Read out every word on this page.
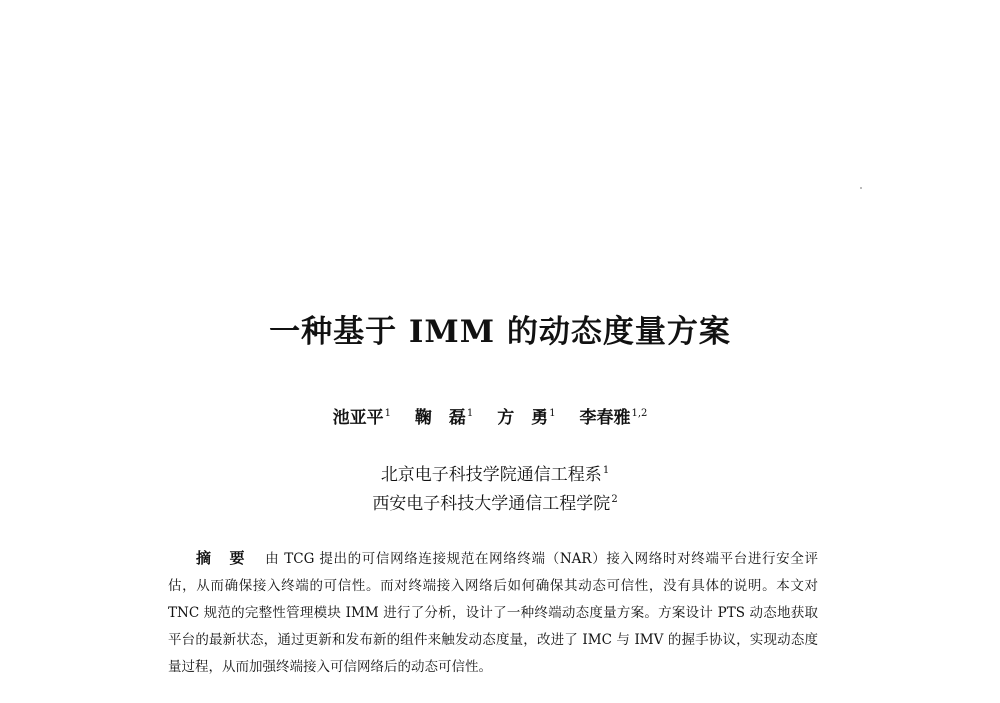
一种基于 IMM 的动态度量方案
池亚平$^1$ 鞠　磊$^1$ 方　勇$^1$ 李春雅$^{1,2}$
北京电子科技学院通信工程系$^1$
西安电子科技大学通信工程学院$^2$
摘 要 由 TCG 提出的可信网络连接规范在网络终端（NAR）接入网络时对终端平台进行安全评估，从而确保接入终端的可信性。而对终端接入网络后如何确保其动态可信性，没有具体的说明。本文对 TNC 规范的完整性管理模块 IMM 进行了分析，设计了一种终端动态度量方案。方案设计 PTS 动态地获取平台的最新状态，通过更新和发布新的组件来触发动态度量，改进了 IMC 与 IMV 的握手协议，实现动态度量过程，从而加强终端接入可信网络后的动态可信性。
